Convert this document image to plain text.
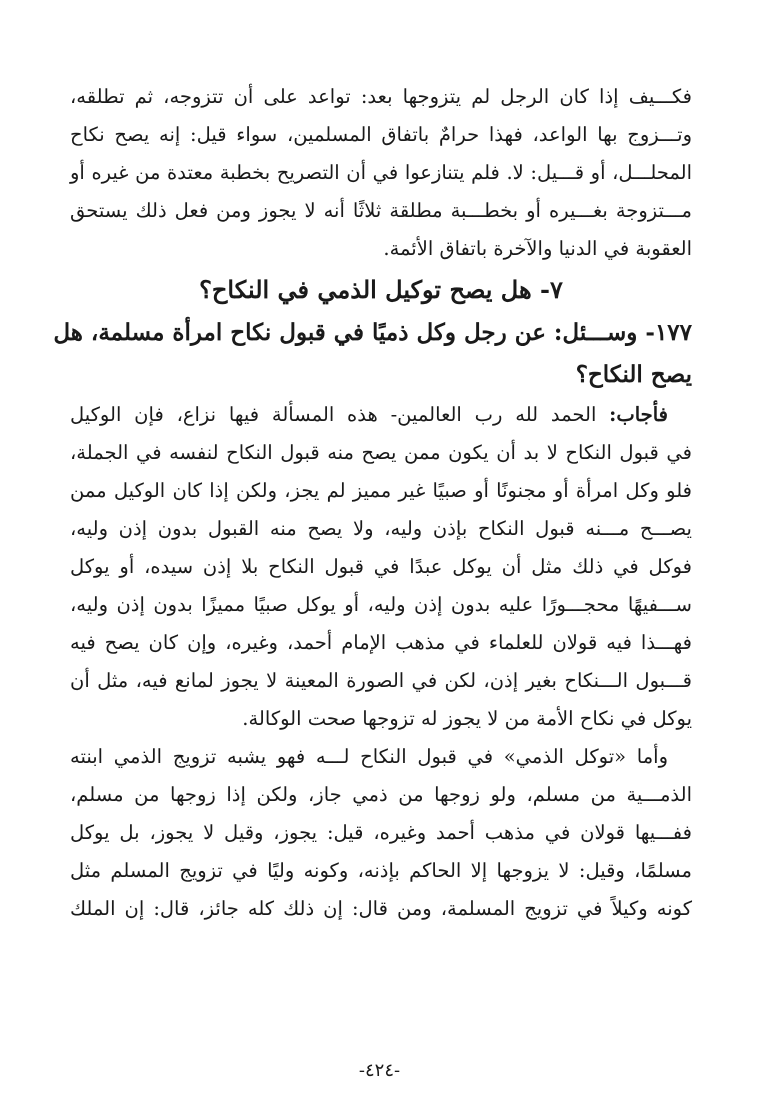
فكـــيف إذا كان الرجل لم يتزوجها بعد: تواعد على أن تتزوجه، ثم تطلقه،
وتـــزوج بها الواعد، فهذا حرامٌ باتفاق المسلمين، سواء قيل: إنه يصح نكاح
المحلـــل، أو قـــيل: لا. فلم يتنازعوا في أن التصريح بخطبة معتدة من غيره أو
مـــتزوجة بغـــيره أو بخطـــبة مطلقة ثلاثًا أنه لا يجوز ومن فعل ذلك يستحق
العقوبة في الدنيا والآخرة باتفاق الأئمة.
٧- هل يصح توكيل الذمي في النكاح؟
١٧٧- وســـئل: عن رجل وكل ذميًا في قبول نكاح امرأة مسلمة، هل
يصح النكاح؟
فأجاب: الحمد لله رب العالمين- هذه المسألة فيها نزاع، فإن الوكيل
في قبول النكاح لا بد أن يكون ممن يصح منه قبول النكاح لنفسه في الجملة،
فلو وكل امرأة أو مجنونًا أو صبيًا غير مميز لم يجز، ولكن إذا كان الوكيل ممن
يصـــح مـــنه قبول النكاح بإذن وليه، ولا يصح منه القبول بدون إذن وليه،
فوكل في ذلك مثل أن يوكل عبدًا في قبول النكاح بلا إذن سيده، أو يوكل
ســـفيهًا محجـــورًا عليه بدون إذن وليه، أو يوكل صبيًا مميزًا بدون إذن وليه،
فهـــذا فيه قولان للعلماء في مذهب الإمام أحمد، وغيره، وإن كان يصح فيه
قـــبول الـــنكاح بغير إذن، لكن في الصورة المعينة لا يجوز لمانع فيه، مثل أن
يوكل في نكاح الأمة من لا يجوز له تزوجها صحت الوكالة.
وأما «توكل الذمي» في قبول النكاح لـــه فهو يشبه تزويج الذمي ابنته
الذمـــية من مسلم، ولو زوجها من ذمي جاز، ولكن إذا زوجها من مسلم،
ففـــيها قولان في مذهب أحمد وغيره، قيل: يجوز، وقيل لا يجوز، بل يوكل
مسلمًا، وقيل: لا يزوجها إلا الحاكم بإذنه، وكونه وليًا في تزويج المسلم مثل
كونه وكيلاً في تزويج المسلمة، ومن قال: إن ذلك كله جائز، قال: إن الملك
-٤٢٤-
